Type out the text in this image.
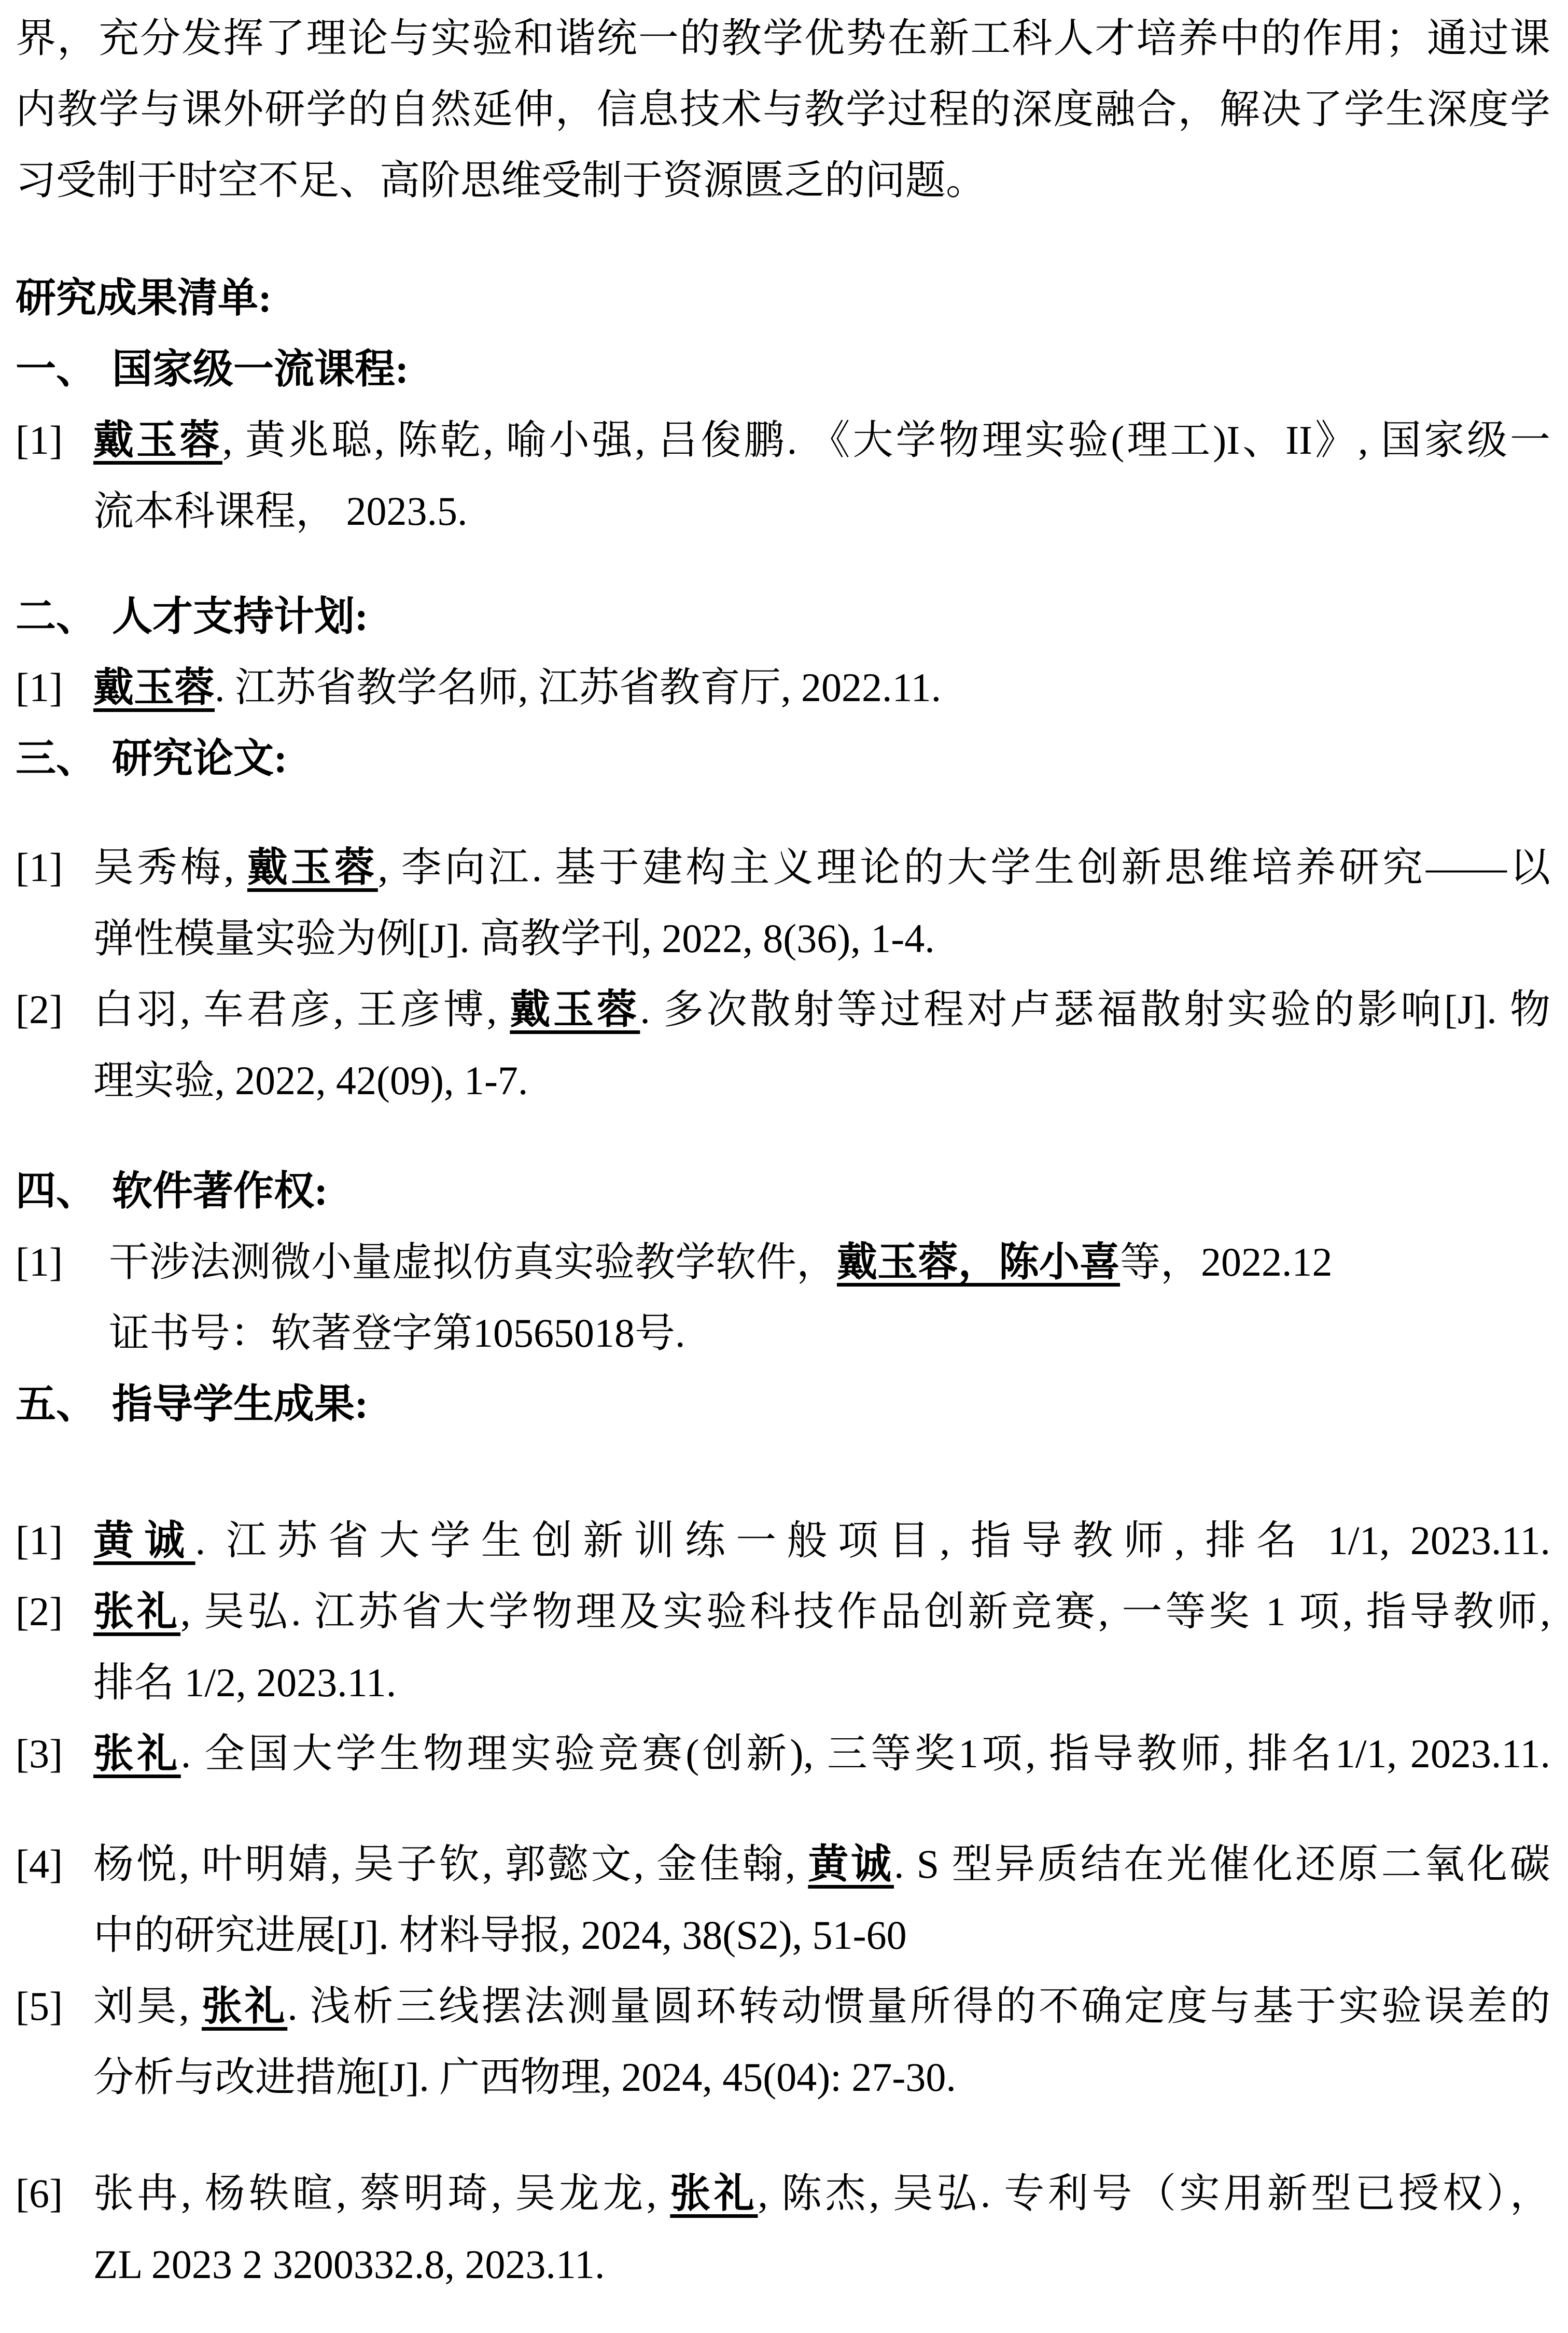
界，充分发挥了理论与实验和谐统一的教学优势在新工科人才培养中的作用；通过课
内教学与课外研学的自然延伸，信息技术与教学过程的深度融合，解决了学生深度学
习受制于时空不足、高阶思维受制于资源匮乏的问题。
研究成果清单:
一、 国家级一流课程:
[1] 戴玉蓉, 黄兆聪, 陈乾, 喻小强, 吕俊鹏. 《大学物理实验(理工)I、II》, 国家级一
流本科课程， 2023.5.
二、 人才支持计划:
[1] 戴玉蓉. 江苏省教学名师, 江苏省教育厅, 2022.11.
三、 研究论文:
[1] 吴秀梅, 戴玉蓉, 李向江. 基于建构主义理论的大学生创新思维培养研究——以
弹性模量实验为例[J]. 高教学刊, 2022, 8(36), 1-4.
[2] 白羽, 车君彦, 王彦博, 戴玉蓉. 多次散射等过程对卢瑟福散射实验的影响[J]. 物
理实验, 2022, 42(09), 1-7.
四、 软件著作权:
[1] 干涉法测微小量虚拟仿真实验教学软件，戴玉蓉，陈小喜等，2022.12
证书号：软著登字第10565018号.
五、 指导学生成果:
[1] 黄诚. 江苏省大学生创新训练一般项目, 指导教师, 排名 1/1, 2023.11.
[2] 张礼, 吴弘. 江苏省大学物理及实验科技作品创新竞赛, 一等奖 1 项, 指导教师,
排名 1/2, 2023.11.
[3] 张礼. 全国大学生物理实验竞赛(创新), 三等奖1项, 指导教师, 排名1/1, 2023.11.
[4] 杨悦, 叶明婧, 吴子钦, 郭懿文, 金佳翰, 黄诚. S 型异质结在光催化还原二氧化碳
中的研究进展[J]. 材料导报, 2024, 38(S2), 51-60
[5] 刘昊, 张礼. 浅析三线摆法测量圆环转动惯量所得的不确定度与基于实验误差的
分析与改进措施[J]. 广西物理, 2024, 45(04): 27-30.
[6] 张冉, 杨轶暄, 蔡明琦, 吴龙龙, 张礼, 陈杰, 吴弘. 专利号（实用新型已授权），
ZL 2023 2 3200332.8, 2023.11.
